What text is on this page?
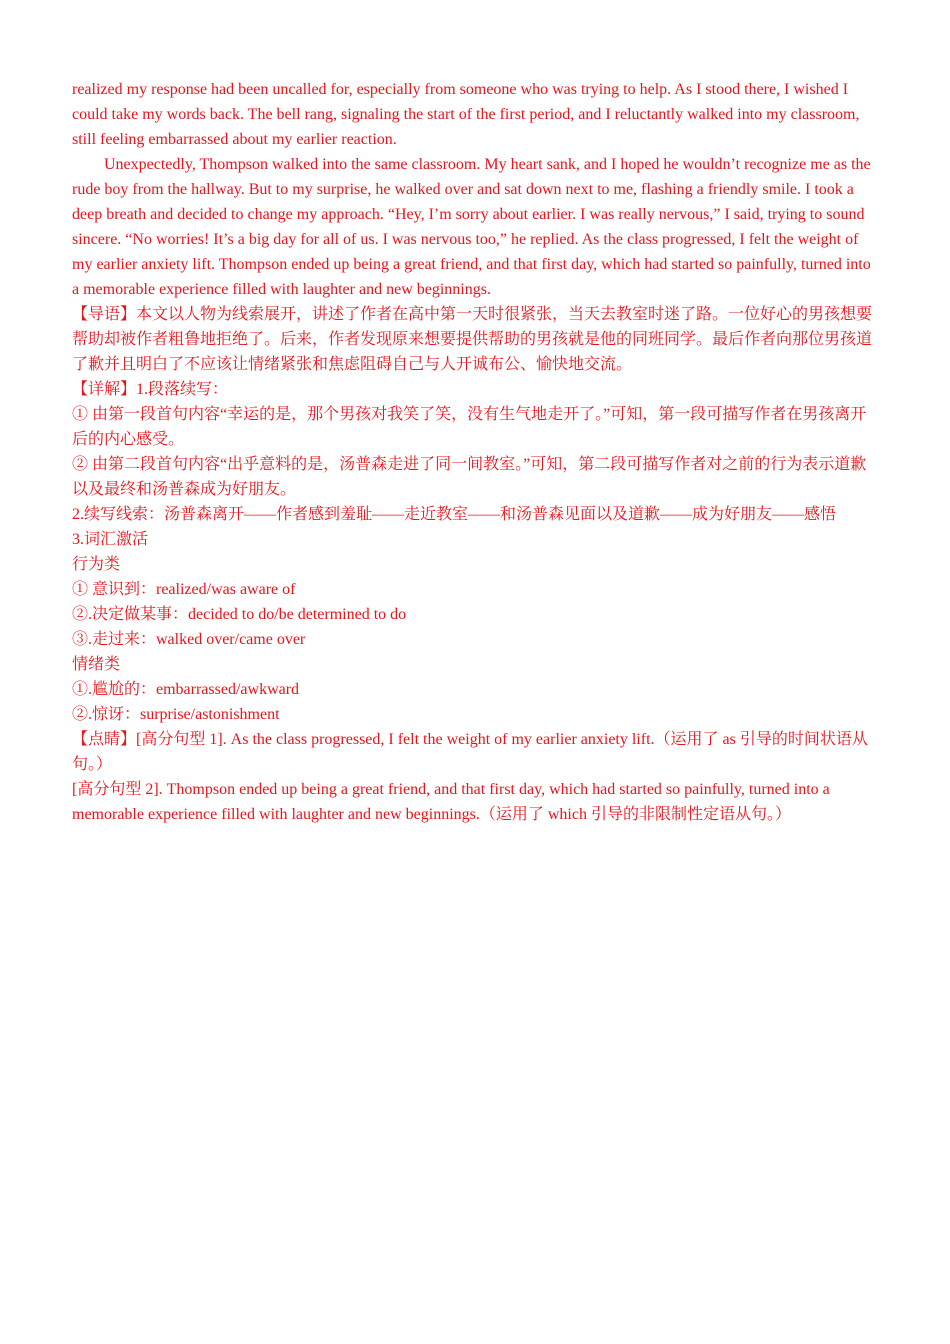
realized my response had been uncalled for, especially from someone who was trying to help. As I stood there, I wished I could take my words back. The bell rang, signaling the start of the first period, and I reluctantly walked into my classroom, still feeling embarrassed about my earlier reaction.

Unexpectedly, Thompson walked into the same classroom. My heart sank, and I hoped he wouldn’t recognize me as the rude boy from the hallway. But to my surprise, he walked over and sat down next to me, flashing a friendly smile. I took a deep breath and decided to change my approach. “Hey, I’m sorry about earlier. I was really nervous,” I said, trying to sound sincere. “No worries! It’s a big day for all of us. I was nervous too,” he replied. As the class progressed, I felt the weight of my earlier anxiety lift. Thompson ended up being a great friend, and that first day, which had started so painfully, turned into a memorable experience filled with laughter and new beginnings.

【导语】本文以人物为线索展开，讲述了作者在高中第一天时很紧张，当天去教室时迷了路。一位好心的男孩想要帮助却被作者粗鲁地拒绝了。后来，作者发现原来想要提供帮助的男孩就是他的同班同学。最后作者向那位男孩道了歉并且明白了不应该让情绪紧张和焦虑阻碍自己与人开诚布公、愉快地交流。

【详解】1.段落续写：

① 由第一段首句内容“幸运的是，那个男孩对我笑了笑，没有生气地走开了。”可知，第一段可描写作者在男孩离开后的内心感受。

② 由第二段首句内容“出乎意料的是，汤普森走进了同一间教室。”可知，第二段可描写作者对之前的行为表示道歉以及最终和汤普森成为好朋友。

2.续写线索：汤普森离开——作者感到羞耻——走近教室——和汤普森见面以及道歉——成为好朋友——感悟

3.词汇激活

行为类

① 意识到：realized/was aware of

②.决定做某事：decided to do/be determined to do

③.走过来：walked over/came over

情绪类

①.尴尬的：embarrassed/awkward

②.惊讶：surprise/astonishment

【点睛】[高分句型 1]. As the class progressed, I felt the weight of my earlier anxiety lift.（运用了 as 引导的时间状语从句。）

[高分句型 2]. Thompson ended up being a great friend, and that first day, which had started so painfully, turned into a memorable experience filled with laughter and new beginnings.（运用了 which 引导的非限制性定语从句。）
